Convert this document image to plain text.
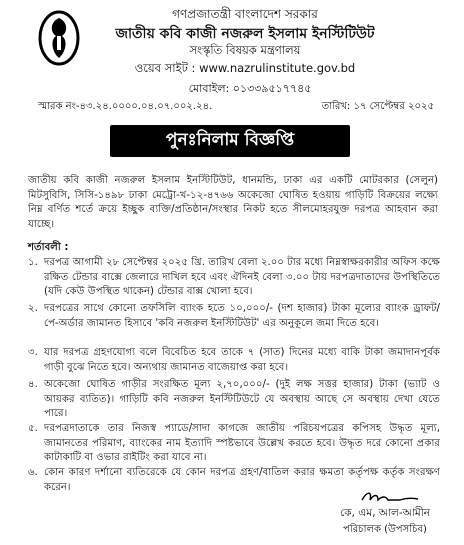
গণপ্রজাতন্ত্রী বাংলাদেশ সরকার
জাতীয় কবি কাজী নজরুল ইসলাম ইনস্টিটিউট
সংস্কৃতি বিষয়ক মন্ত্রণালয়
ওয়েব সাইট : www.nazrulinstitute.gov.bd
মোবাইল: ০১৩৩৯৫১৭৭৪৫
স্মারক নং-৪৩.২৪.০০০০.০৪.০৭.০০২.২৪.	তারিখ: ১৭ সেপ্টেম্বর ২০২৫
পুনঃনিলাম বিজ্ঞপ্তি
জাতীয় কবি কাজী নজরুল ইসলাম ইনস্টিটিউট, ধানমন্ডি, ঢাকা এর একটি মোটরকার (সেলুন) মিটসুবিসি, সিসি-১৪৯৮ ঢাকা মেট্রো-খ-১২-৪৭৬৬ অকেজো ঘোষিত হওয়ায় গাড়িটি বিক্রয়ের লক্ষ্যে নিম্ন বর্ণিত শর্তে ক্রয়ে ইচ্ছুক ব্যক্তি/প্রতিষ্ঠান/সংস্থার নিকট হতে সীলমোহরযুক্ত দরপত্র আহবান করা যাচ্ছে।
শর্তাবলী :
১. দরপত্র আগামী ২৮ সেপ্টেম্বর ২০২৫ খ্রি. তারিখ বেলা ২.০০ টার মধ্যে নিম্নস্বাক্ষরকারীর অফিস কক্ষে রক্ষিত টেন্ডার বাক্সে জেলারে দাখিল হবে এবং ঐদিনই বেলা ৩.০০ টায় দরপত্রদাতাদের উপস্থিতিতে (যদি কেউ উপস্থিত থাকেন) টেন্ডার বাক্স খোলা হবে।
২. দরপত্রের সাথে কোনো তফসিলি ব্যাংক হতে ১০,০০০/- (দশ হাজার) টাকা মূল্যের ব্যাংক ড্রাফট/ পে-অর্ডার জামানত হিসাবে 'কবি নজরুল ইনস্টিটিউট' এর অনুকূলে জমা দিতে হবে।
৩. যার দরপত্র গ্রহণযোগ্য বলে বিবেচিত হবে তাকে ৭ (সাত) দিনের মধ্যে বাকি টাকা জমাদানপূর্বক গাড়ী বুঝে নিতে হবে। অন্যথায় জামানত বাজেয়াপ্ত করা হবে।
৪. অকেজো ঘোষিত গাড়ীর সংরক্ষিত মূল্য ২,৭০,০০০/- (দুই লক্ষ সত্তর হাজার) টাকা (ভ্যাট ও আয়কর ব্যতিত)। গাড়িটি কবি নজরুল ইনস্টিটিউটে যে অবস্থায় আছে সে অবস্থায় দেখা যেতে পারে।
৫. দরপত্রদাতাকে তার নিজস্ব প্যাডে/সাদা কাগজে জাতীয় পরিচয়পত্রের কপিসহ উদ্ধৃত মূল্য, জামানতের পরিমাণ, ব্যাংকের নাম ইত্যাদি স্পষ্টভাবে উল্লেখ করতে হবে। উদ্ধৃত দরে কোনো প্রকার কাটাকাটি বা ওভার রাইটিং করা যাবে না।
৬. কোন কারণ দর্শানো ব্যতিরেকে যে কোন দরপত্র গ্রহণ/বাতিল করার ক্ষমতা কর্তৃপক্ষ কর্তৃক সংরক্ষণ করেন।
কে, এম, আল-আমীন
পরিচালক (উপসচিব)
